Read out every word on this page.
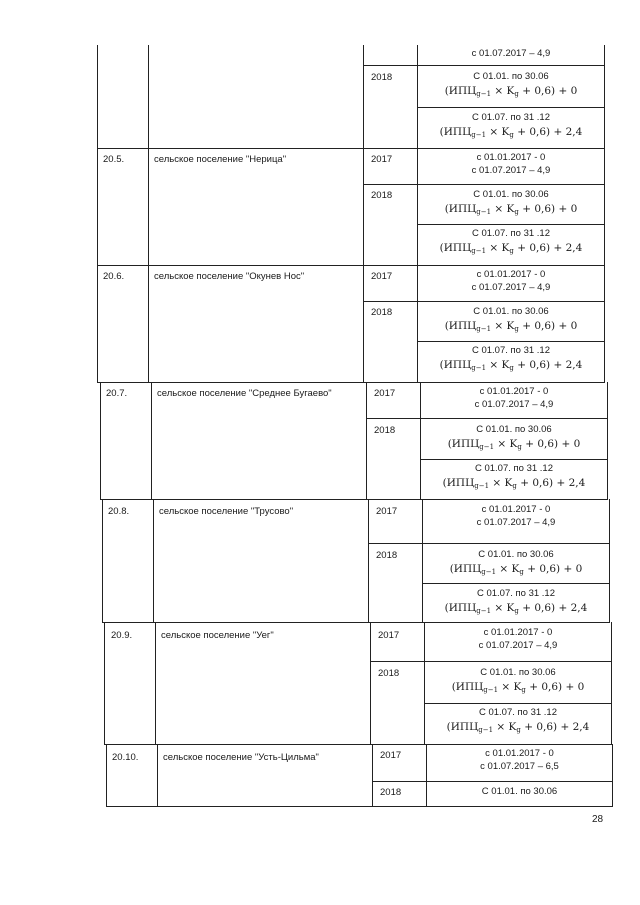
с 01.07.2017 – 4,9
2018	С 01.01. по 30.06
$(ИПЦ_{g-1} \times K_g + 0,6) + 0$
С 01.07. по 31 .12
$(ИПЦ_{g-1} \times K_g + 0,6) + 2,4$
20.5.	сельское поселение "Нерица"	2017	с 01.01.2017 - 0
с 01.07.2017 – 4,9
2018	С 01.01. по 30.06
$(ИПЦ_{g-1} \times K_g + 0,6) + 0$
С 01.07. по 31 .12
$(ИПЦ_{g-1} \times K_g + 0,6) + 2,4$
20.6.	сельское поселение "Окунев Нос"	2017	с 01.01.2017 - 0
с 01.07.2017 – 4,9
2018	С 01.01. по 30.06
$(ИПЦ_{g-1} \times K_g + 0,6) + 0$
С 01.07. по 31 .12
$(ИПЦ_{g-1} \times K_g + 0,6) + 2,4$
20.7.	сельское поселение "Среднее Бугаево"	2017	с 01.01.2017 - 0
с 01.07.2017 – 4,9
2018	С 01.01. по 30.06
$(ИПЦ_{g-1} \times K_g + 0,6) + 0$
С 01.07. по 31 .12
$(ИПЦ_{g-1} \times K_g + 0,6) + 2,4$
20.8.	сельское поселение "Трусово"	2017	с 01.01.2017 - 0
с 01.07.2017 – 4,9
2018	С 01.01. по 30.06
$(ИПЦ_{g-1} \times K_g + 0,6) + 0$
С 01.07. по 31 .12
$(ИПЦ_{g-1} \times K_g + 0,6) + 2,4$
20.9.	сельское поселение "Уег"	2017	с 01.01.2017 - 0
с 01.07.2017 – 4,9
2018	С 01.01. по 30.06
$(ИПЦ_{g-1} \times K_g + 0,6) + 0$
С 01.07. по 31 .12
$(ИПЦ_{g-1} \times K_g + 0,6) + 2,4$
20.10.	сельское поселение "Усть-Цильма"	2017	с 01.01.2017 - 0
с 01.07.2017 – 6,5
2018	С 01.01. по 30.06
28
